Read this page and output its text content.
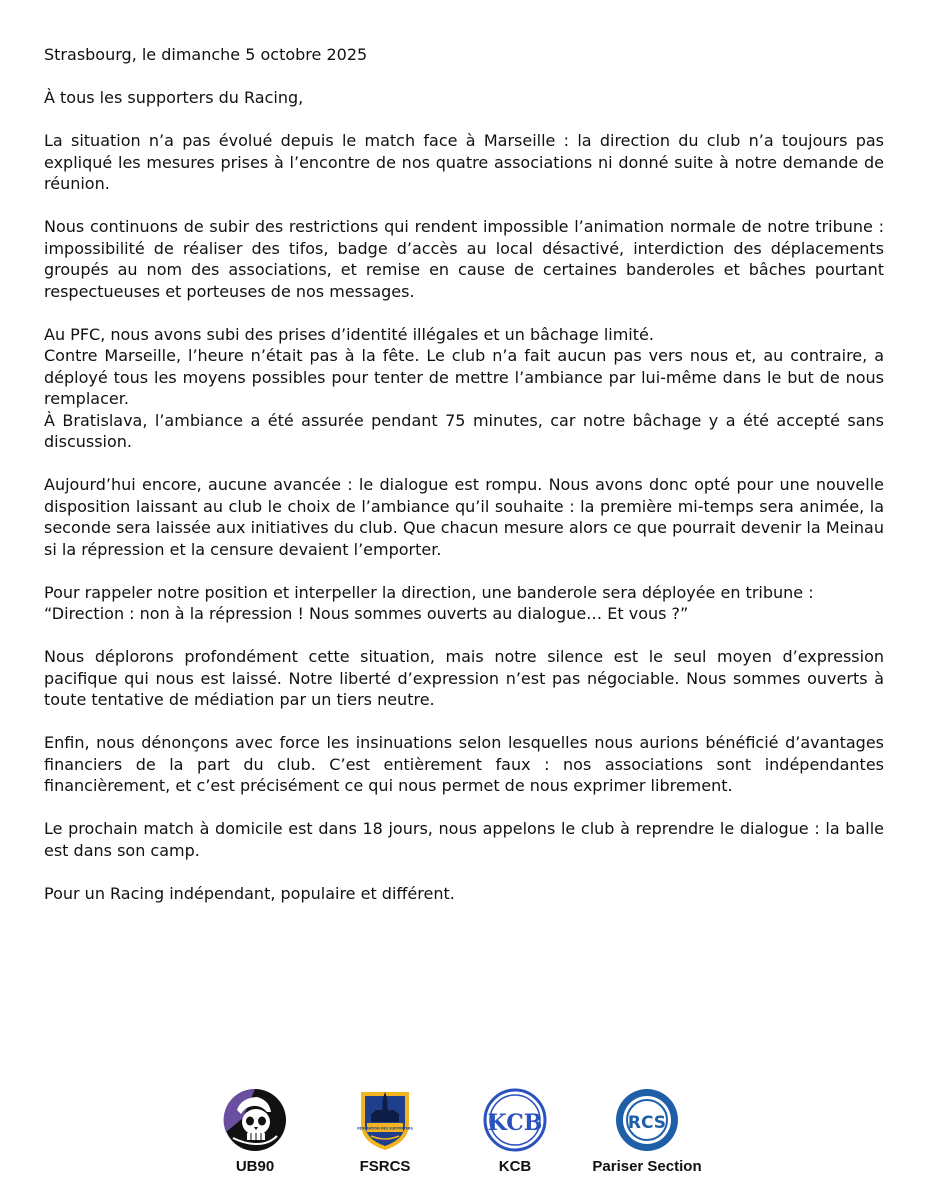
Strasbourg, le dimanche 5 octobre 2025

À tous les supporters du Racing,

La situation n’a pas évolué depuis le match face à Marseille : la direction du club n’a toujours pas expliqué les mesures prises à l’encontre de nos quatre associations ni donné suite à notre demande de réunion.

Nous continuons de subir des restrictions qui rendent impossible l’animation normale de notre tribune : impossibilité de réaliser des tifos, badge d’accès au local désactivé, interdiction des déplacements groupés au nom des associations, et remise en cause de certaines banderoles et bâches pourtant respectueuses et porteuses de nos messages.

Au PFC, nous avons subi des prises d’identité illégales et un bâchage limité.

Contre Marseille, l’heure n’était pas à la fête. Le club n’a fait aucun pas vers nous et, au contraire, a déployé tous les moyens possibles pour tenter de mettre l’ambiance par lui-même dans le but de nous remplacer.

À Bratislava, l’ambiance a été assurée pendant 75 minutes, car notre bâchage y a été accepté sans discussion.

Aujourd’hui encore, aucune avancée : le dialogue est rompu. Nous avons donc opté pour une nouvelle disposition laissant au club le choix de l’ambiance qu’il souhaite : la première mi-temps sera animée, la seconde sera laissée aux initiatives du club. Que chacun mesure alors ce que pourrait devenir la Meinau si la répression et la censure devaient l’emporter.

Pour rappeler notre position et interpeller la direction, une banderole sera déployée en tribune :

“Direction : non à la répression ! Nous sommes ouverts au dialogue… Et vous ?”

Nous déplorons profondément cette situation, mais notre silence est le seul moyen d’expression pacifique qui nous est laissé. Notre liberté d’expression n’est pas négociable. Nous sommes ouverts à toute tentative de médiation par un tiers neutre.

Enfin, nous dénonçons avec force les insinuations selon lesquelles nous aurions bénéficié d’avantages financiers de la part du club. C’est entièrement faux : nos associations sont indépendantes financièrement, et c’est précisément ce qui nous permet de nous exprimer librement.

Le prochain match à domicile est dans 18 jours, nous appelons le club à reprendre le dialogue : la balle est dans son camp.

Pour un Racing indépendant, populaire et différent.

UB90
FÉDÉRATION DES SUPPORTERS
FSRCS
KCB
KCB
RCS
Pariser Section
